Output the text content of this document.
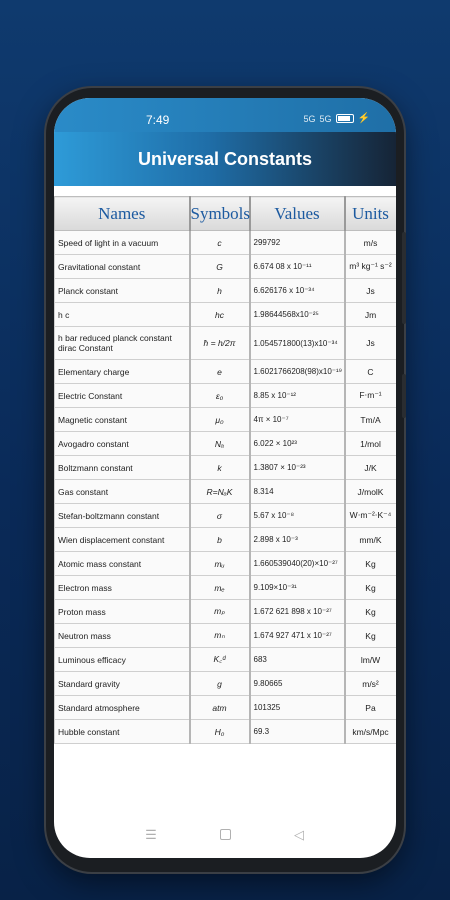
7:49	5G 5G	⚡
Universal Constants
Names	Symbols	Values	Units
Speed of light in a vacuum	c	299792	m/s
Gravitational constant	G	6.674 08 x 10⁻¹¹	m³ kg⁻¹ s⁻²
Planck constant	h	6.626176 x 10⁻³⁴	Js
h c	hc	1.98644568x10⁻²⁵	Jm
h bar reduced planck constant dirac Constant	ħ = h/2π	1.054571800(13)x10⁻³⁴	Js
Elementary charge	e	1.6021766208(98)x10⁻¹⁹	C
Electric Constant	ε₀	8.85 x 10⁻¹²	F⋅m⁻¹
Magnetic constant	μ₀	4π × 10⁻⁷	Tm/A
Avogadro constant	Nₐ	6.022 × 10²³	1/mol
Boltzmann constant	k	1.3807 × 10⁻²³	J/K
Gas constant	R=NₐK	8.314	J/molK
Stefan-boltzmann constant	σ	5.67 x 10⁻⁸	W⋅m⁻²⋅K⁻⁴
Wien displacement constant	b	2.898 x 10⁻³	mm/K
Atomic mass constant	mᵤ	1.660539040(20)×10⁻²⁷	Kg
Electron mass	mₑ	9.109×10⁻³¹	Kg
Proton mass	mₚ	1.672 621 898 x 10⁻²⁷	Kg
Neutron mass	mₙ	1.674 927 471 x 10⁻²⁷	Kg
Luminous efficacy	K꜀ᵈ	683	lm/W
Standard gravity	g	9.80665	m/s²
Standard atmosphere	atm	101325	Pa
Hubble constant	H₀	69.3	km/s/Mpc
☰	◁
